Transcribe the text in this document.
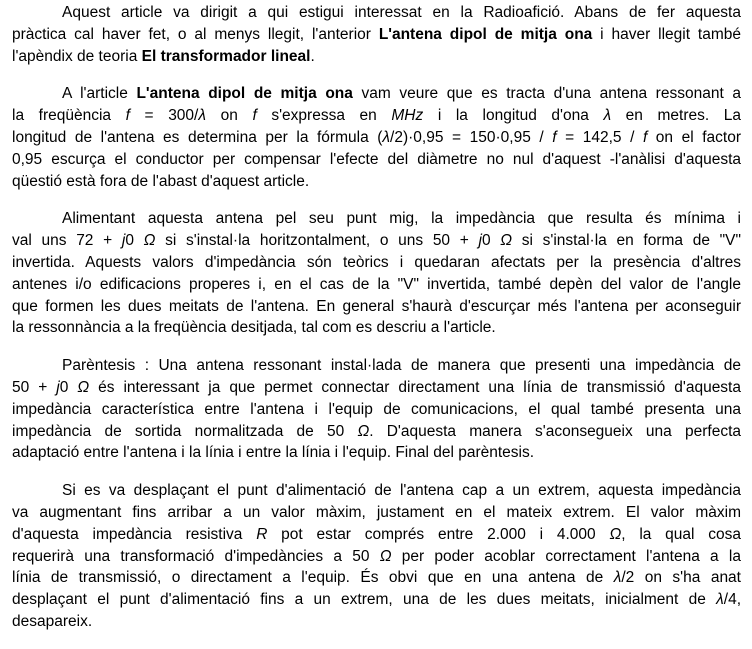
Aquest article va dirigit a qui estigui interessat en la Radioafició. Abans de fer aquesta
pràctica cal haver fet, o al menys llegit, l'anterior L'antena dipol de mitja ona i haver llegit també
l'apèndix de teoria El transformador lineal.
A l'article L'antena dipol de mitja ona vam veure que es tracta d'una antena ressonant a
la freqüència f = 300/λ on f s'expressa en MHz i la longitud d'ona λ en metres. La
longitud de l'antena es determina per la fórmula (λ/2)·0,95 = 150·0,95 / f = 142,5 / f on el factor
0,95 escurça el conductor per compensar l'efecte del diàmetre no nul d'aquest -l'anàlisi d'aquesta
qüestió està fora de l'abast d'aquest article.
Alimentant aquesta antena pel seu punt mig, la impedància que resulta és mínima i
val uns 72 + j0 Ω si s'instal·la horitzontalment, o uns 50 + j0 Ω si s'instal·la en forma de "V"
invertida. Aquests valors d'impedància són teòrics i quedaran afectats per la presència d'altres
antenes i/o edificacions properes i, en el cas de la "V" invertida, també depèn del valor de l'angle
que formen les dues meitats de l'antena. En general s'haurà d'escurçar més l'antena per aconseguir
la ressonnància a la freqüència desitjada, tal com es descriu a l'article.
Parèntesis : Una antena ressonant instal·lada de manera que presenti una impedància de
50 + j0 Ω és interessant ja que permet connectar directament una línia de transmissió d'aquesta
impedància característica entre l'antena i l'equip de comunicacions, el qual també presenta una
impedància de sortida normalitzada de 50 Ω. D'aquesta manera s'aconsegueix una perfecta
adaptació entre l'antena i la línia i entre la línia i l'equip. Final del parèntesis.
Si es va desplaçant el punt d'alimentació de l'antena cap a un extrem, aquesta impedància
va augmentant fins arribar a un valor màxim, justament en el mateix extrem. El valor màxim
d'aquesta impedància resistiva R pot estar comprés entre 2.000 i 4.000 Ω, la qual cosa
requerirà una transformació d'impedàncies a 50 Ω per poder acoblar correctament l'antena a la
línia de transmissió, o directament a l'equip. És obvi que en una antena de λ/2 on s'ha anat
desplaçant el punt d'alimentació fins a un extrem, una de les dues meitats, inicialment de λ/4,
desapareix.
